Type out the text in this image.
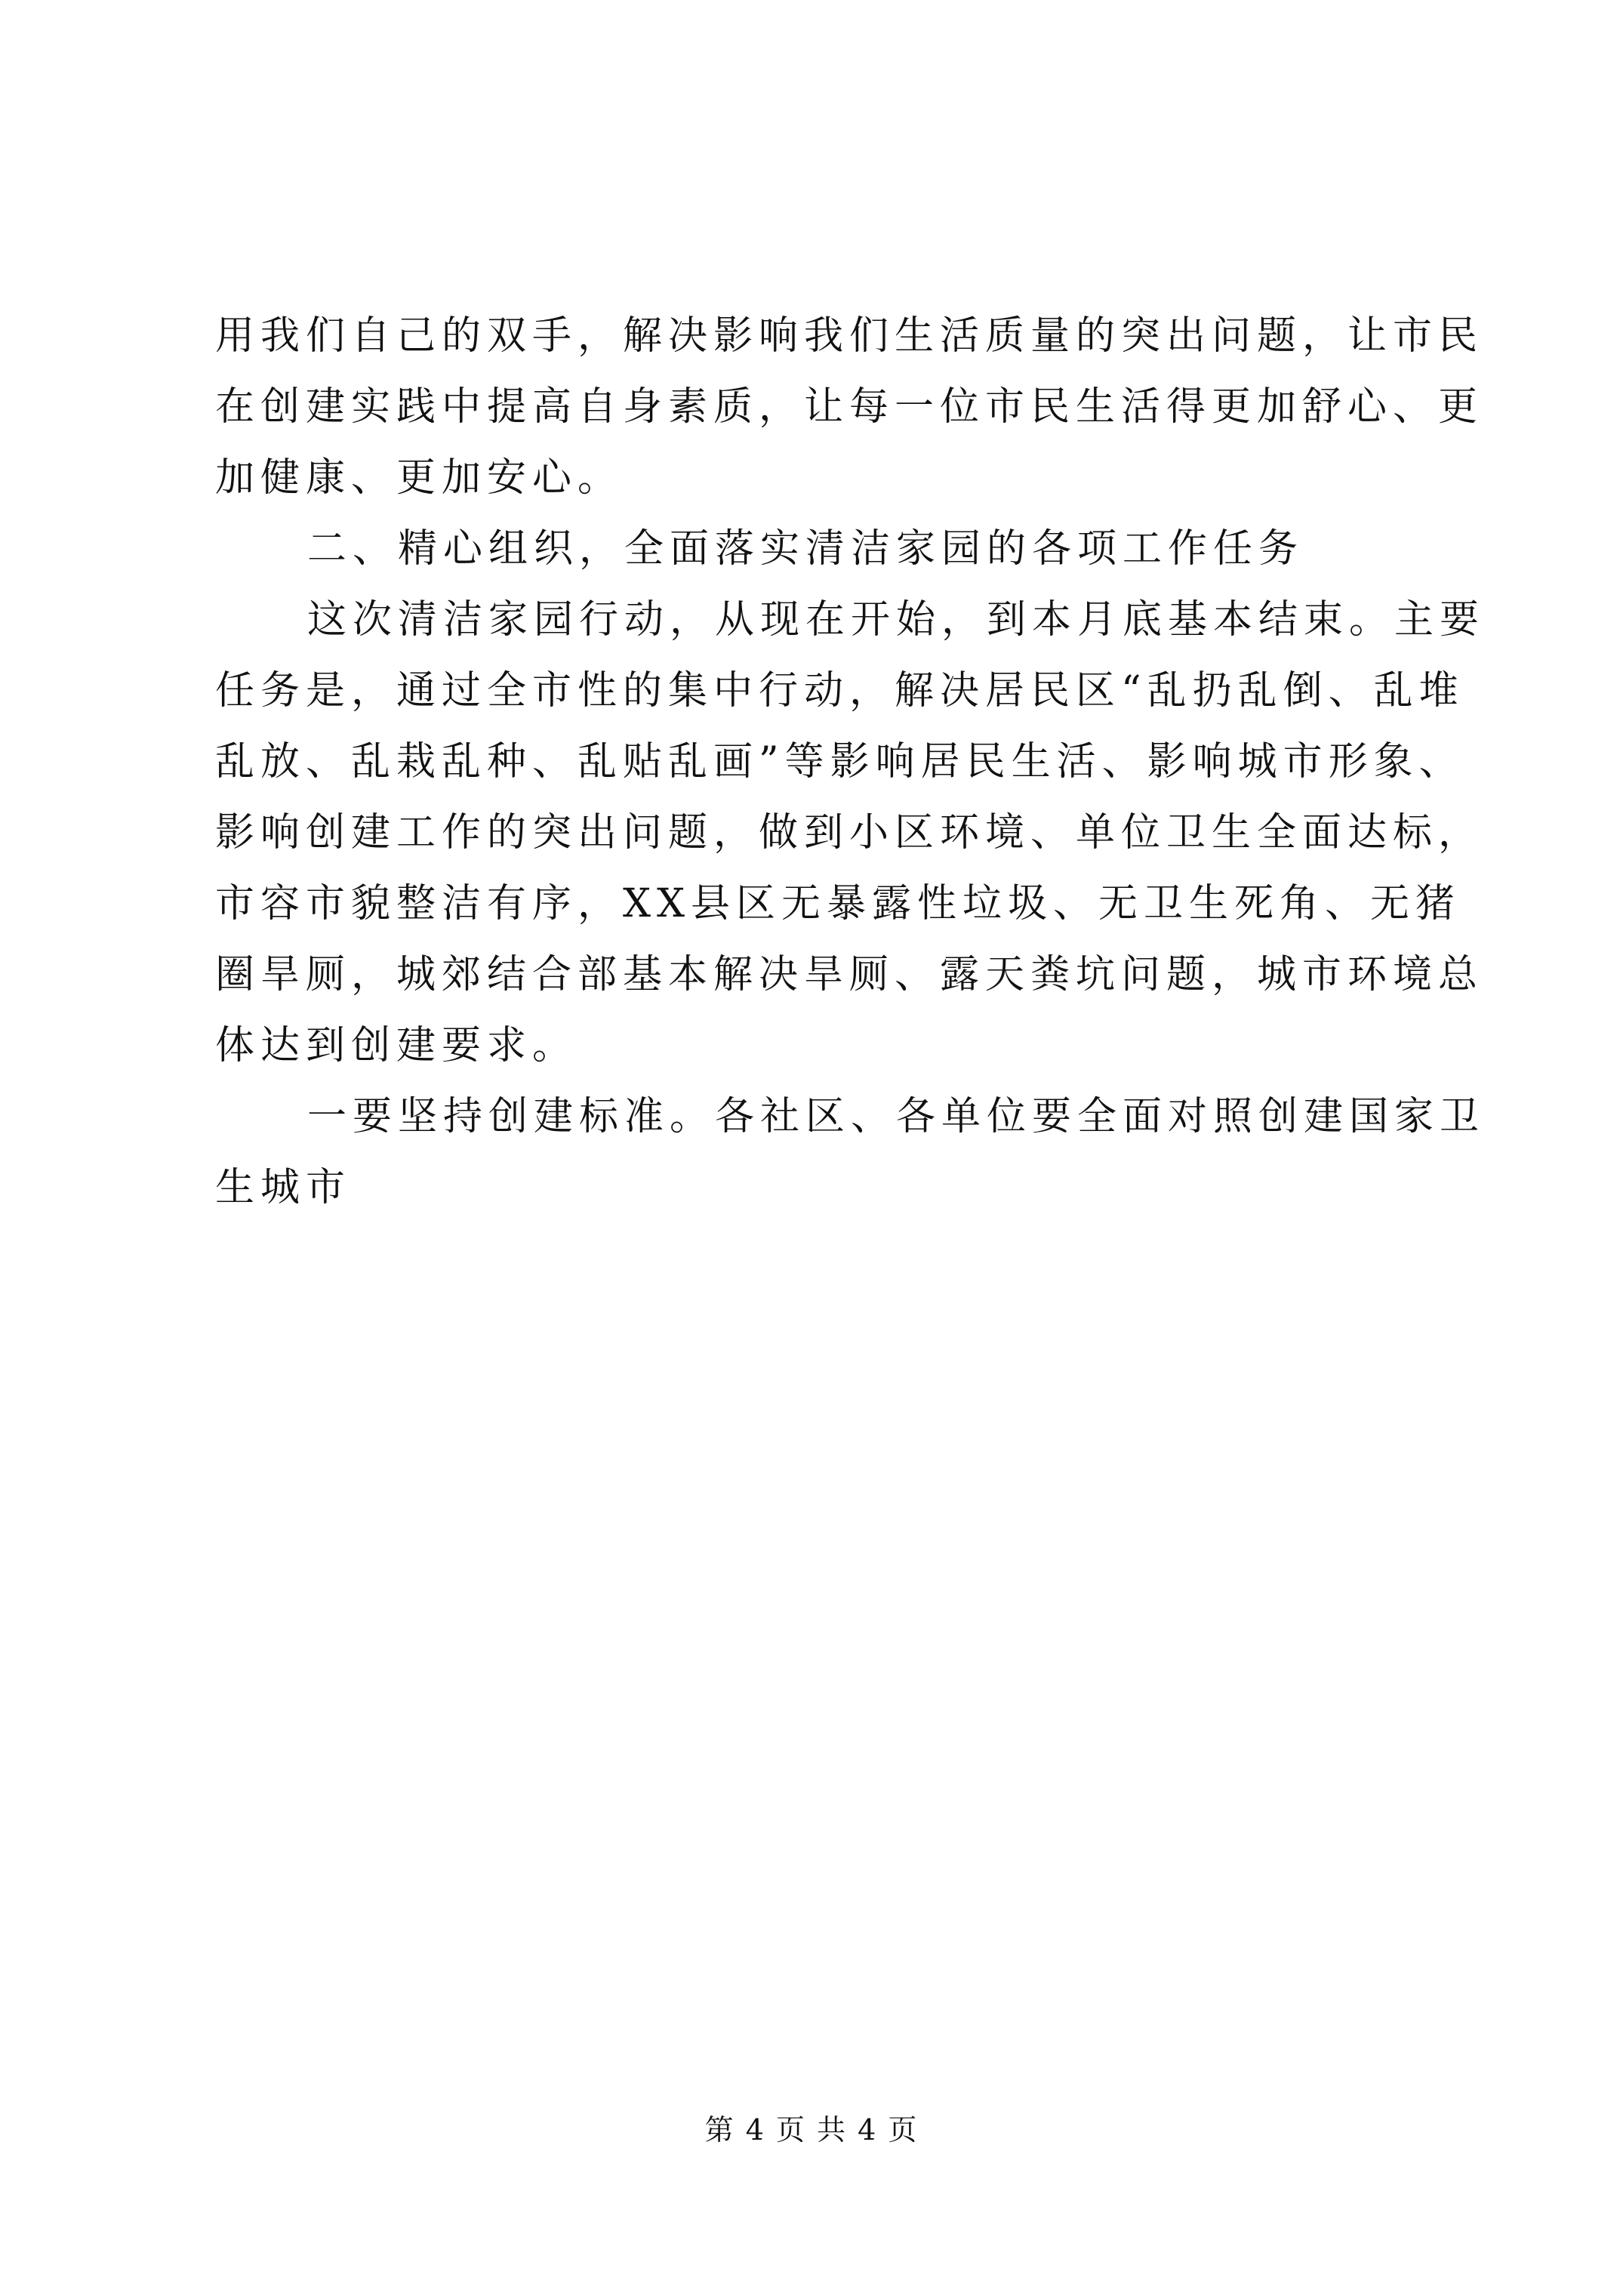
用我们自己的双手，解决影响我们生活质量的突出问题，让市民
在创建实践中提高自身素质，让每一位市民生活得更加舒心、更
加健康、更加安心。
二、精心组织，全面落实清洁家园的各项工作任务
这次清洁家园行动，从现在开始，到本月底基本结束。主要
任务是，通过全市性的集中行动，解决居民区“乱扔乱倒、乱堆
乱放、乱栽乱种、乱贴乱画”等影响居民生活、影响城市形象、
影响创建工作的突出问题，做到小区环境、单位卫生全面达标，
市容市貌整洁有序，XX县区无暴露性垃圾、无卫生死角、无猪
圈旱厕，城郊结合部基本解决旱厕、露天粪坑问题，城市环境总
体达到创建要求。
一要坚持创建标准。各社区、各单位要全面对照创建国家卫
生城市
第 4 页 共 4 页
